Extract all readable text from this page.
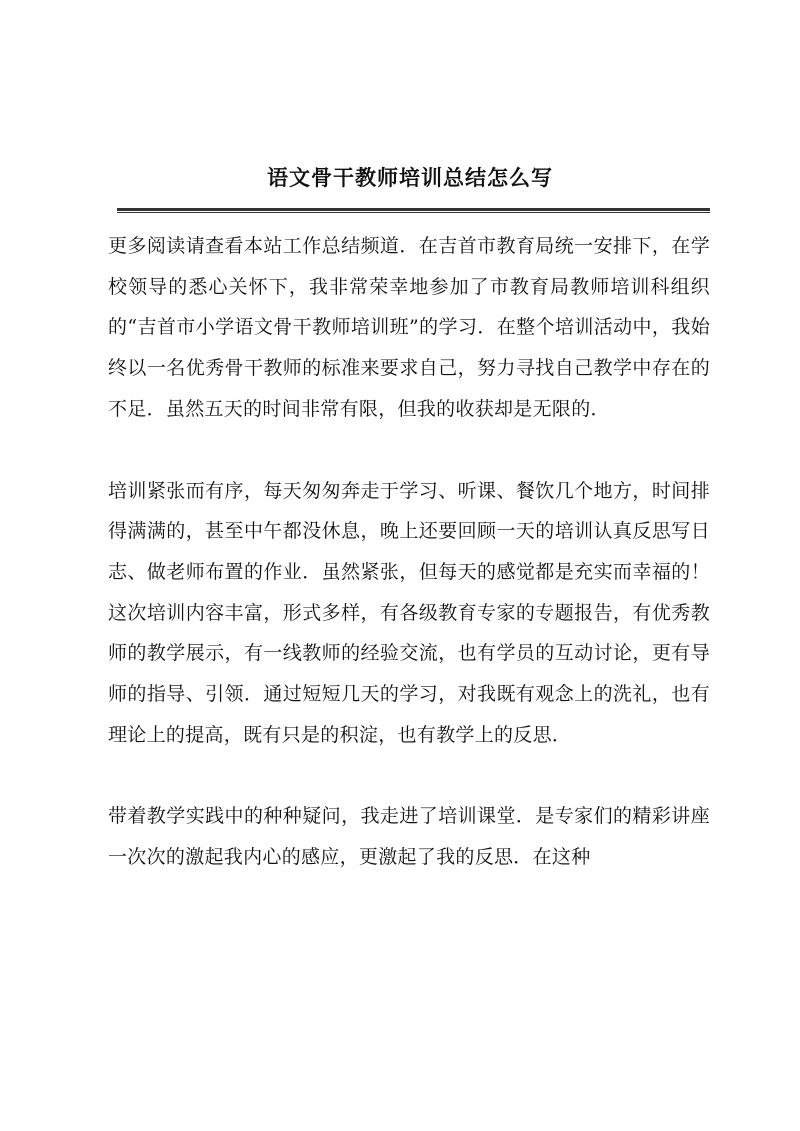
语文骨干教师培训总结怎么写

更多阅读请查看本站工作总结频道．在吉首市教育局统一安排下，在学校领导的悉心关怀下，我非常荣幸地参加了市教育局教师培训科组织的“吉首市小学语文骨干教师培训班”的学习．在整个培训活动中，我始终以一名优秀骨干教师的标准来要求自己，努力寻找自己教学中存在的不足．虽然五天的时间非常有限，但我的收获却是无限的．

培训紧张而有序，每天匆匆奔走于学习、听课、餐饮几个地方，时间排得满满的，甚至中午都没休息，晚上还要回顾一天的培训认真反思写日志、做老师布置的作业．虽然紧张，但每天的感觉都是充实而幸福的！这次培训内容丰富，形式多样，有各级教育专家的专题报告，有优秀教师的教学展示，有一线教师的经验交流，也有学员的互动讨论，更有导师的指导、引领．通过短短几天的学习，对我既有观念上的洗礼，也有理论上的提高，既有只是的积淀，也有教学上的反思．

带着教学实践中的种种疑问，我走进了培训课堂．是专家们的精彩讲座一次次的激起我内心的感应，更激起了我的反思．在这种
